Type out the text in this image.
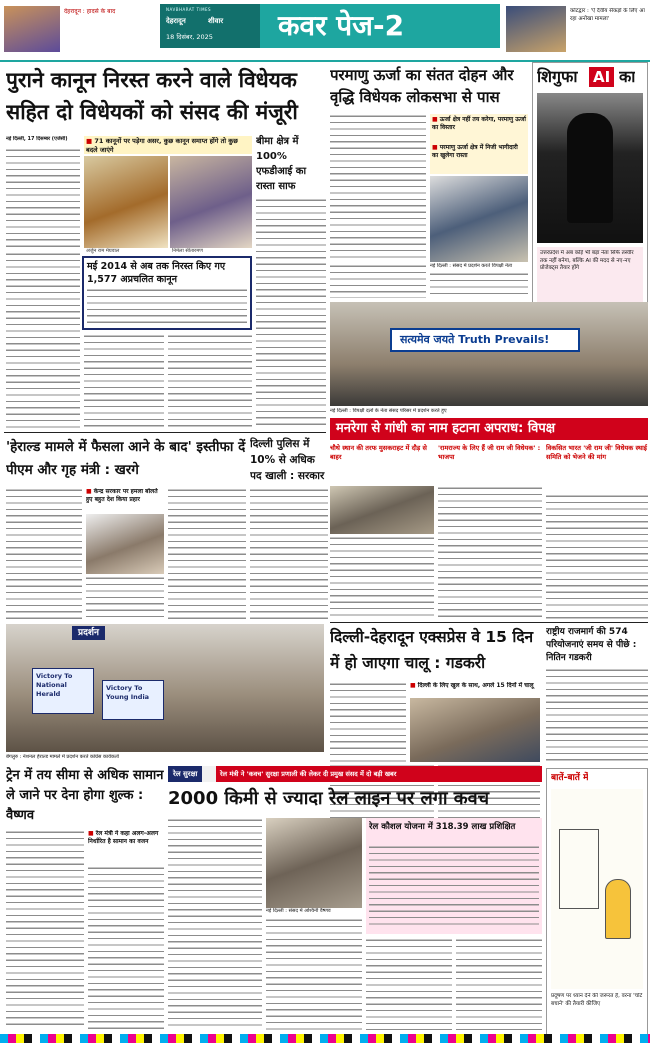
देहरादून : हादसे के बाद	NAVBHARAT TIMES
देहरादून	शीवार
18 दिसंबर, 2025 कवर पेज-2	कोटद्वार : 'ऐ दैवीय सैकड़ों के लिए आ रहा अनोखा मामला'
पुराने कानून निरस्त करने वाले विधेयक सहित दो विधेयकों को संसद की मंजूरी
परमाणु ऊर्जा का संतत दोहन और वृद्धि विधेयक लोकसभा से पास
शिगुफा AI का
उत्तरप्रदेश में अब कोई भी बड़ा नेता सिर्फ तस्वीर तक नहीं बनेगा, बल्कि AI की मदद से नए-नए प्रोजेक्ट्स तैयार होंगे
नई दिल्ली, 17 दिसम्बर (एजेंसी)
■	71 कानूनों पर पड़ेगा असर, कुछ कानून समाप्त होंगे तो कुछ बदले जाएंगे
अर्जुन राम मेघवाल	निर्मला सीतारमण
बीमा क्षेत्र में 100% एफडीआई का रास्ता साफ
मई 2014 से अब तक निरस्त किए गए 1,577 अप्रचलित कानून
■ ऊर्जा क्षेत्र नहीं तय करेगा, परमाणु ऊर्जा का विस्तार
■ परमाणु ऊर्जा क्षेत्र में निजी भागीदारी का खुलेगा रास्ता
नई दिल्ली : संसद में प्रदर्शन करते विपक्षी नेता
सत्यमेव जयते Truth Prevails!
नई दिल्ली : विपक्षी दलों के नेता संसद परिसर में प्रदर्शन करते हुए
मनरेगा से गांधी का नाम हटाना अपराध: विपक्ष
'हेराल्ड मामले में फैसला आने के बाद' इस्तीफा दें पीएम और गृह मंत्री : खरगे
दिल्ली पुलिस में 10% से अधिक पद खाली : सरकार
■ केन्द्र सरकार पर हमला बोलते हुए बहुत देश किया प्रहार
चौथे स्थान की तरफ मुसकराहट में दौड़ से बाहर
'रामराज्य के लिए हैं जी राम जी विधेयक' : भाजपा
विकसित भारत 'जी राम जी' विधेयक स्थाई समिति को भेजने की मांग
प्रदर्शन
Victory To National Herald
Victory To Young India
बेंगलुरु : नेशनल हेराल्ड मामले में प्रदर्शन करते कांग्रेस कार्यकर्ता
दिल्ली-देहरादून एक्सप्रेस वे 15 दिन में हो जाएगा चालू : गडकरी
■ दिल्ली के लिए खुल के साथ, अगले 15 दिनों में चालू
राष्ट्रीय राजमार्ग की 574 परियोजनाएं समय से पीछे : नितिन गडकरी
बातें-बातें में
प्रदूषण पर ध्यान देने की जरूरत है, वरना 'चोटें बचाने' की तैयारी कीजिए
रेल सुरक्षा	रेल मंत्री ने 'कवच' सुरक्षा प्रणाली की लेकर दी प्रमुख संसद में दो बड़ी खबर
ट्रेन में तय सीमा से अधिक सामान ले जाने पर देना होगा शुल्क : वैष्णव
2000 किमी से ज्यादा रेल लाइन पर लगा कवच
■ रेल मंत्री ने कहा अलग-अलग निर्धारित है सामान का वजन
नई दिल्ली : संसद में अश्विनी वैष्णव
रेल कौशल योजना में 318.39 लाख प्रशिक्षित
